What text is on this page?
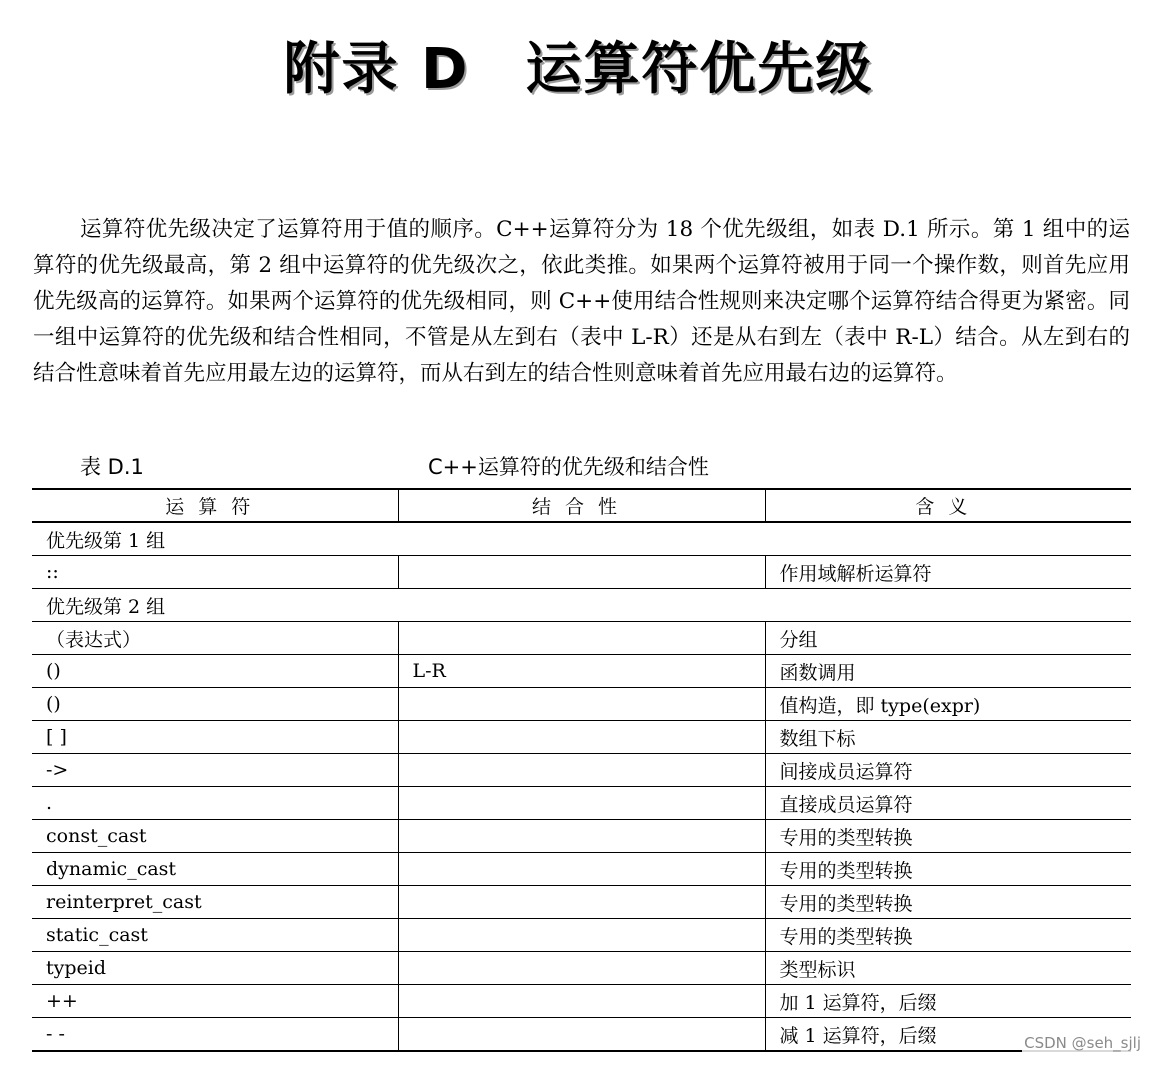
附录 D 运算符优先级

运算符优先级决定了运算符用于值的顺序。C++运算符分为 18 个优先级组，如表 D.1 所示。第 1 组中的运算符的优先级最高，第 2 组中运算符的优先级次之，依此类推。如果两个运算符被用于同一个操作数，则首先应用优先级高的运算符。如果两个运算符的优先级相同，则 C++使用结合性规则来决定哪个运算符结合得更为紧密。同一组中运算符的优先级和结合性相同，不管是从左到右（表中 L-R）还是从右到左（表中 R-L）结合。从左到右的结合性意味着首先应用最左边的运算符，而从右到左的结合性则意味着首先应用最右边的运算符。

表 D.1	C++运算符的优先级和结合性
运算符	结合性	含义
优先级第 1 组		
::		作用域解析运算符
优先级第 2 组		
（表达式）		分组
()	L-R	函数调用
()		值构造，即 type(expr)
[ ]		数组下标
->		间接成员运算符
.		直接成员运算符
const_cast		专用的类型转换
dynamic_cast		专用的类型转换
reinterpret_cast		专用的类型转换
static_cast		专用的类型转换
typeid		类型标识
++		加 1 运算符，后缀
- -		减 1 运算符，后缀	CSDN @seh_sjlj
